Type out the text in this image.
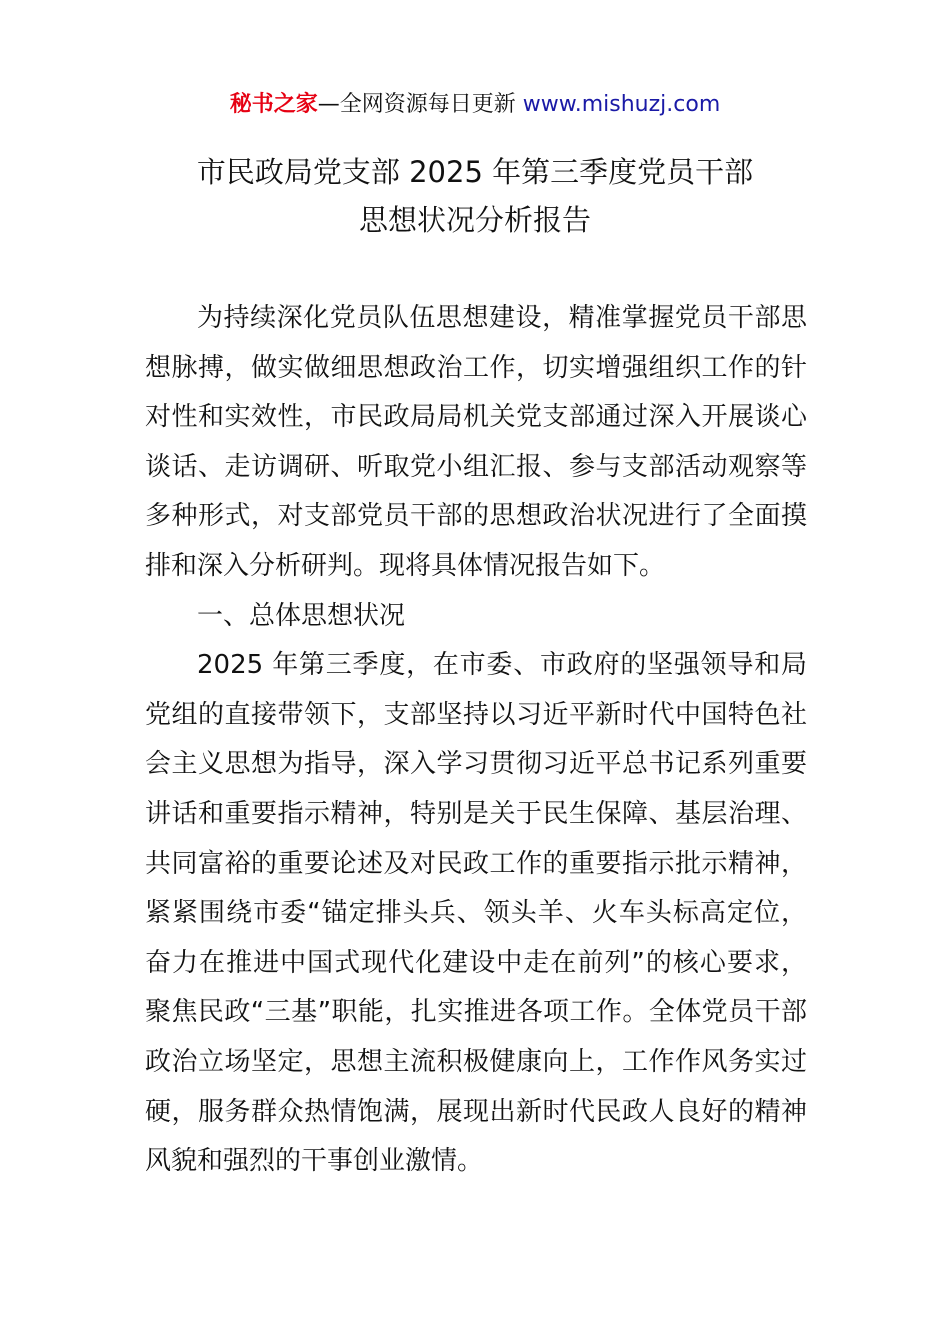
秘书之家—全网资源每日更新 www.mishuzj.com
市民政局党支部 2025 年第三季度党员干部
思想状况分析报告

为持续深化党员队伍思想建设，精准掌握党员干部思想脉搏，做实做细思想政治工作，切实增强组织工作的针对性和实效性，市民政局局机关党支部通过深入开展谈心谈话、走访调研、听取党小组汇报、参与支部活动观察等多种形式，对支部党员干部的思想政治状况进行了全面摸排和深入分析研判。现将具体情况报告如下。

一、总体思想状况

2025 年第三季度，在市委、市政府的坚强领导和局党组的直接带领下，支部坚持以习近平新时代中国特色社会主义思想为指导，深入学习贯彻习近平总书记系列重要讲话和重要指示精神，特别是关于民生保障、基层治理、共同富裕的重要论述及对民政工作的重要指示批示精神，紧紧围绕市委“锚定排头兵、领头羊、火车头标高定位，奋力在推进中国式现代化建设中走在前列”的核心要求，聚焦民政“三基”职能，扎实推进各项工作。全体党员干部政治立场坚定，思想主流积极健康向上，工作作风务实过硬，服务群众热情饱满，展现出新时代民政人良好的精神风貌和强烈的干事创业激情。
